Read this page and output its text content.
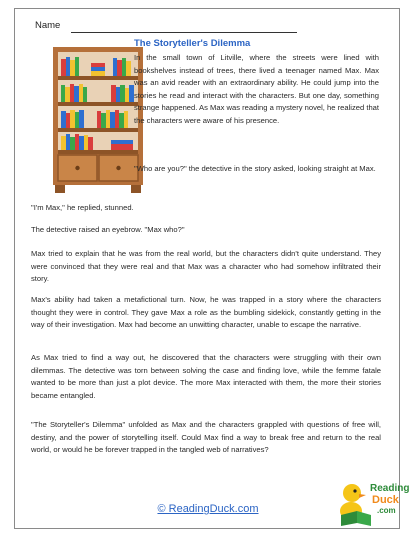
Name
The Storyteller's Dilemma

In the small town of Litville, where the streets were lined with bookshelves instead of trees, there lived a teenager named Max. Max was an avid reader with an extraordinary ability. He could jump into the stories he read and interact with the characters. But one day, something strange happened. As Max was reading a mystery novel, he realized that the characters were aware of his presence.

"Who are you?" the detective in the story asked, looking straight at Max.

"I'm Max," he replied, stunned.

The detective raised an eyebrow. "Max who?"

Max tried to explain that he was from the real world, but the characters didn't quite understand. They were convinced that they were real and that Max was a character who had somehow infiltrated their story.

Max's ability had taken a metafictional turn. Now, he was trapped in a story where the characters thought they were in control. They gave Max a role as the bumbling sidekick, constantly getting in the way of their investigation. Max had become an unwitting character, unable to escape the narrative.

As Max tried to find a way out, he discovered that the characters were struggling with their own dilemmas. The detective was torn between solving the case and finding love, while the femme fatale wanted to be more than just a plot device. The more Max interacted with them, the more their stories became entangled.

"The Storyteller's Dilemma" unfolded as Max and the characters grappled with questions of free will, destiny, and the power of storytelling itself. Could Max find a way to break free and return to the real world, or would he be forever trapped in the tangled web of narratives?

© ReadingDuck.com
Reading
Duck
.com
